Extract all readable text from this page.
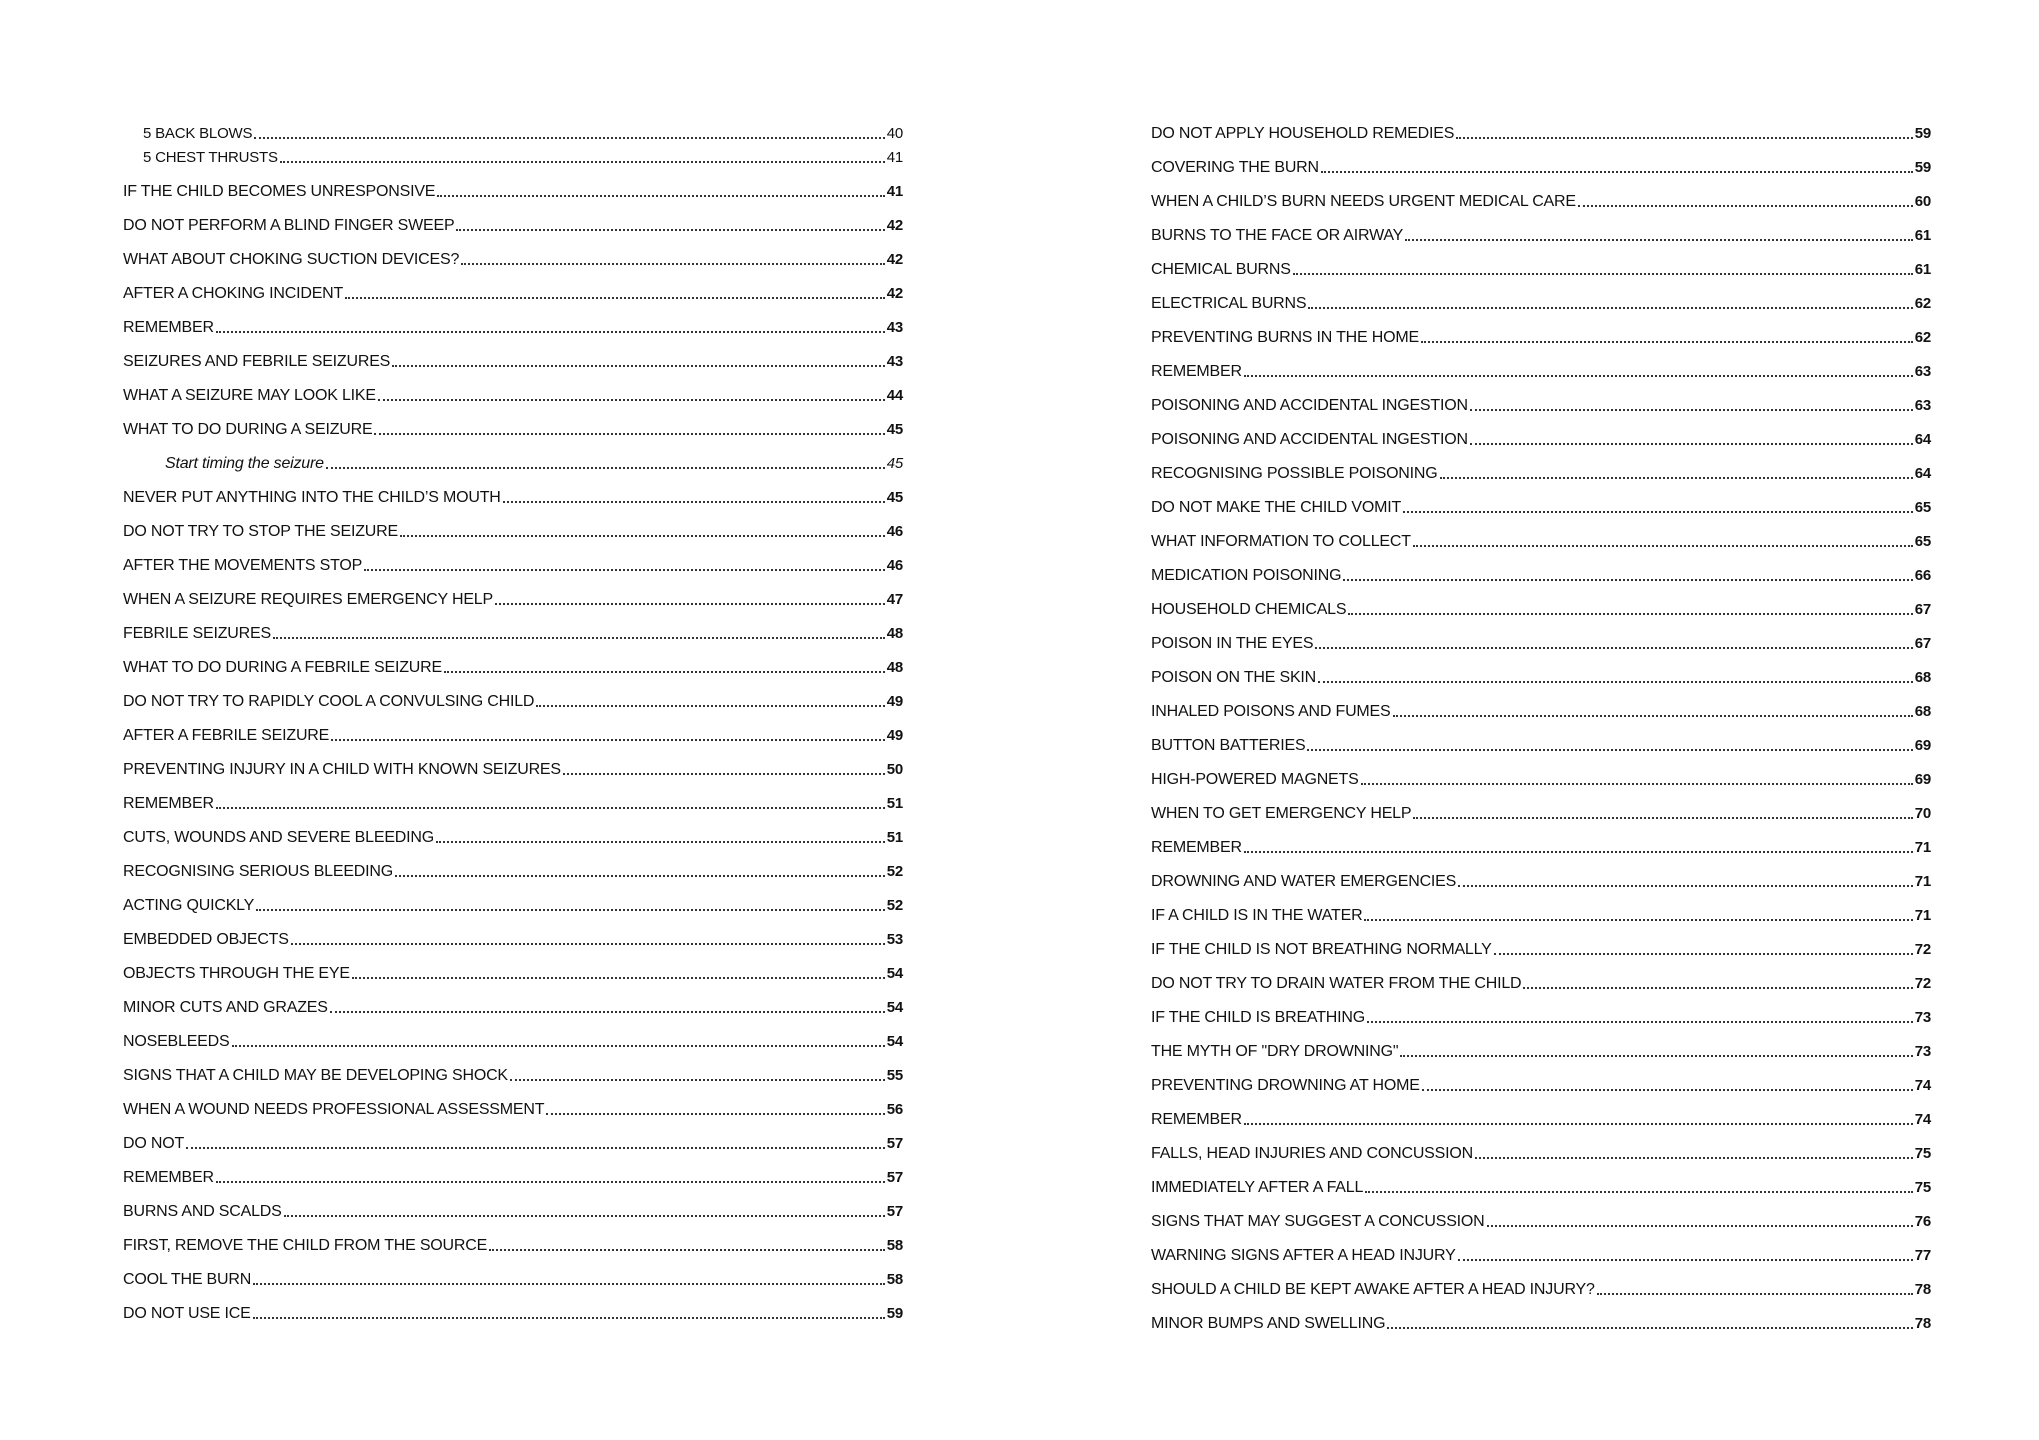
5 BACK BLOWS	40
5 CHEST THRUSTS	41
IF THE CHILD BECOMES UNRESPONSIVE	41
DO NOT PERFORM A BLIND FINGER SWEEP	42
WHAT ABOUT CHOKING SUCTION DEVICES?	42
AFTER A CHOKING INCIDENT	42
REMEMBER	43
SEIZURES AND FEBRILE SEIZURES	43
WHAT A SEIZURE MAY LOOK LIKE	44
WHAT TO DO DURING A SEIZURE	45
Start timing the seizure	45
NEVER PUT ANYTHING INTO THE CHILD’S MOUTH	45
DO NOT TRY TO STOP THE SEIZURE	46
AFTER THE MOVEMENTS STOP	46
WHEN A SEIZURE REQUIRES EMERGENCY HELP	47
FEBRILE SEIZURES	48
WHAT TO DO DURING A FEBRILE SEIZURE	48
DO NOT TRY TO RAPIDLY COOL A CONVULSING CHILD	49
AFTER A FEBRILE SEIZURE	49
PREVENTING INJURY IN A CHILD WITH KNOWN SEIZURES	50
REMEMBER	51
CUTS, WOUNDS AND SEVERE BLEEDING	51
RECOGNISING SERIOUS BLEEDING	52
ACTING QUICKLY	52
EMBEDDED OBJECTS	53
OBJECTS THROUGH THE EYE	54
MINOR CUTS AND GRAZES	54
NOSEBLEEDS	54
SIGNS THAT A CHILD MAY BE DEVELOPING SHOCK	55
WHEN A WOUND NEEDS PROFESSIONAL ASSESSMENT	56
DO NOT	57
REMEMBER	57
BURNS AND SCALDS	57
FIRST, REMOVE THE CHILD FROM THE SOURCE	58
COOL THE BURN	58
DO NOT USE ICE	59
DO NOT APPLY HOUSEHOLD REMEDIES	59
COVERING THE BURN	59
WHEN A CHILD’S BURN NEEDS URGENT MEDICAL CARE	60
BURNS TO THE FACE OR AIRWAY	61
CHEMICAL BURNS	61
ELECTRICAL BURNS	62
PREVENTING BURNS IN THE HOME	62
REMEMBER	63
POISONING AND ACCIDENTAL INGESTION	63
POISONING AND ACCIDENTAL INGESTION	64
RECOGNISING POSSIBLE POISONING	64
DO NOT MAKE THE CHILD VOMIT	65
WHAT INFORMATION TO COLLECT	65
MEDICATION POISONING	66
HOUSEHOLD CHEMICALS	67
POISON IN THE EYES	67
POISON ON THE SKIN	68
INHALED POISONS AND FUMES	68
BUTTON BATTERIES	69
HIGH-POWERED MAGNETS	69
WHEN TO GET EMERGENCY HELP	70
REMEMBER	71
DROWNING AND WATER EMERGENCIES	71
IF A CHILD IS IN THE WATER	71
IF THE CHILD IS NOT BREATHING NORMALLY	72
DO NOT TRY TO DRAIN WATER FROM THE CHILD	72
IF THE CHILD IS BREATHING	73
THE MYTH OF "DRY DROWNING"	73
PREVENTING DROWNING AT HOME	74
REMEMBER	74
FALLS, HEAD INJURIES AND CONCUSSION	75
IMMEDIATELY AFTER A FALL	75
SIGNS THAT MAY SUGGEST A CONCUSSION	76
WARNING SIGNS AFTER A HEAD INJURY	77
SHOULD A CHILD BE KEPT AWAKE AFTER A HEAD INJURY?	78
MINOR BUMPS AND SWELLING	78
